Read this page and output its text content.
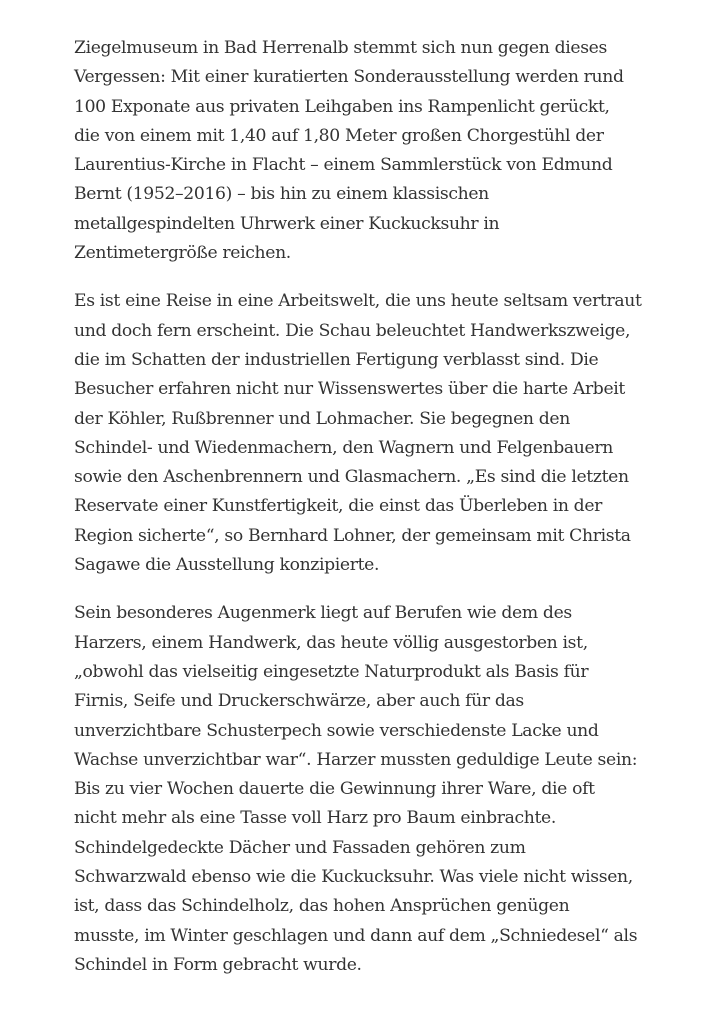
Ziegelmuseum in Bad Herrenalb stemmt sich nun gegen dieses
Vergessen: Mit einer kuratierten Sonderausstellung werden rund
100 Exponate aus privaten Leihgaben ins Rampenlicht gerückt,
die von einem mit 1,40 auf 1,80 Meter großen Chorgestühl der
Laurentius-Kirche in Flacht – einem Sammlerstück von Edmund
Bernt (1952–2016) – bis hin zu einem klassischen
metallgespindelten Uhrwerk einer Kuckucksuhr in
Zentimetergröße reichen.

Es ist eine Reise in eine Arbeitswelt, die uns heute seltsam vertraut
und doch fern erscheint. Die Schau beleuchtet Handwerkszweige,
die im Schatten der industriellen Fertigung verblasst sind. Die
Besucher erfahren nicht nur Wissenswertes über die harte Arbeit
der Köhler, Rußbrenner und Lohmacher. Sie begegnen den
Schindel- und Wiedenmachern, den Wagnern und Felgenbauern
sowie den Aschenbrennern und Glasmachern. „Es sind die letzten
Reservate einer Kunstfertigkeit, die einst das Überleben in der
Region sicherte“, so Bernhard Lohner, der gemeinsam mit Christa
Sagawe die Ausstellung konzipierte.

Sein besonderes Augenmerk liegt auf Berufen wie dem des
Harzers, einem Handwerk, das heute völlig ausgestorben ist,
„obwohl das vielseitig eingesetzte Naturprodukt als Basis für
Firnis, Seife und Druckerschwärze, aber auch für das
unverzichtbare Schusterpech sowie verschiedenste Lacke und
Wachse unverzichtbar war“. Harzer mussten geduldige Leute sein:
Bis zu vier Wochen dauerte die Gewinnung ihrer Ware, die oft
nicht mehr als eine Tasse voll Harz pro Baum einbrachte.
Schindelgedeckte Dächer und Fassaden gehören zum
Schwarzwald ebenso wie die Kuckucksuhr. Was viele nicht wissen,
ist, dass das Schindelholz, das hohen Ansprüchen genügen
musste, im Winter geschlagen und dann auf dem „Schniedesel“ als
Schindel in Form gebracht wurde.
